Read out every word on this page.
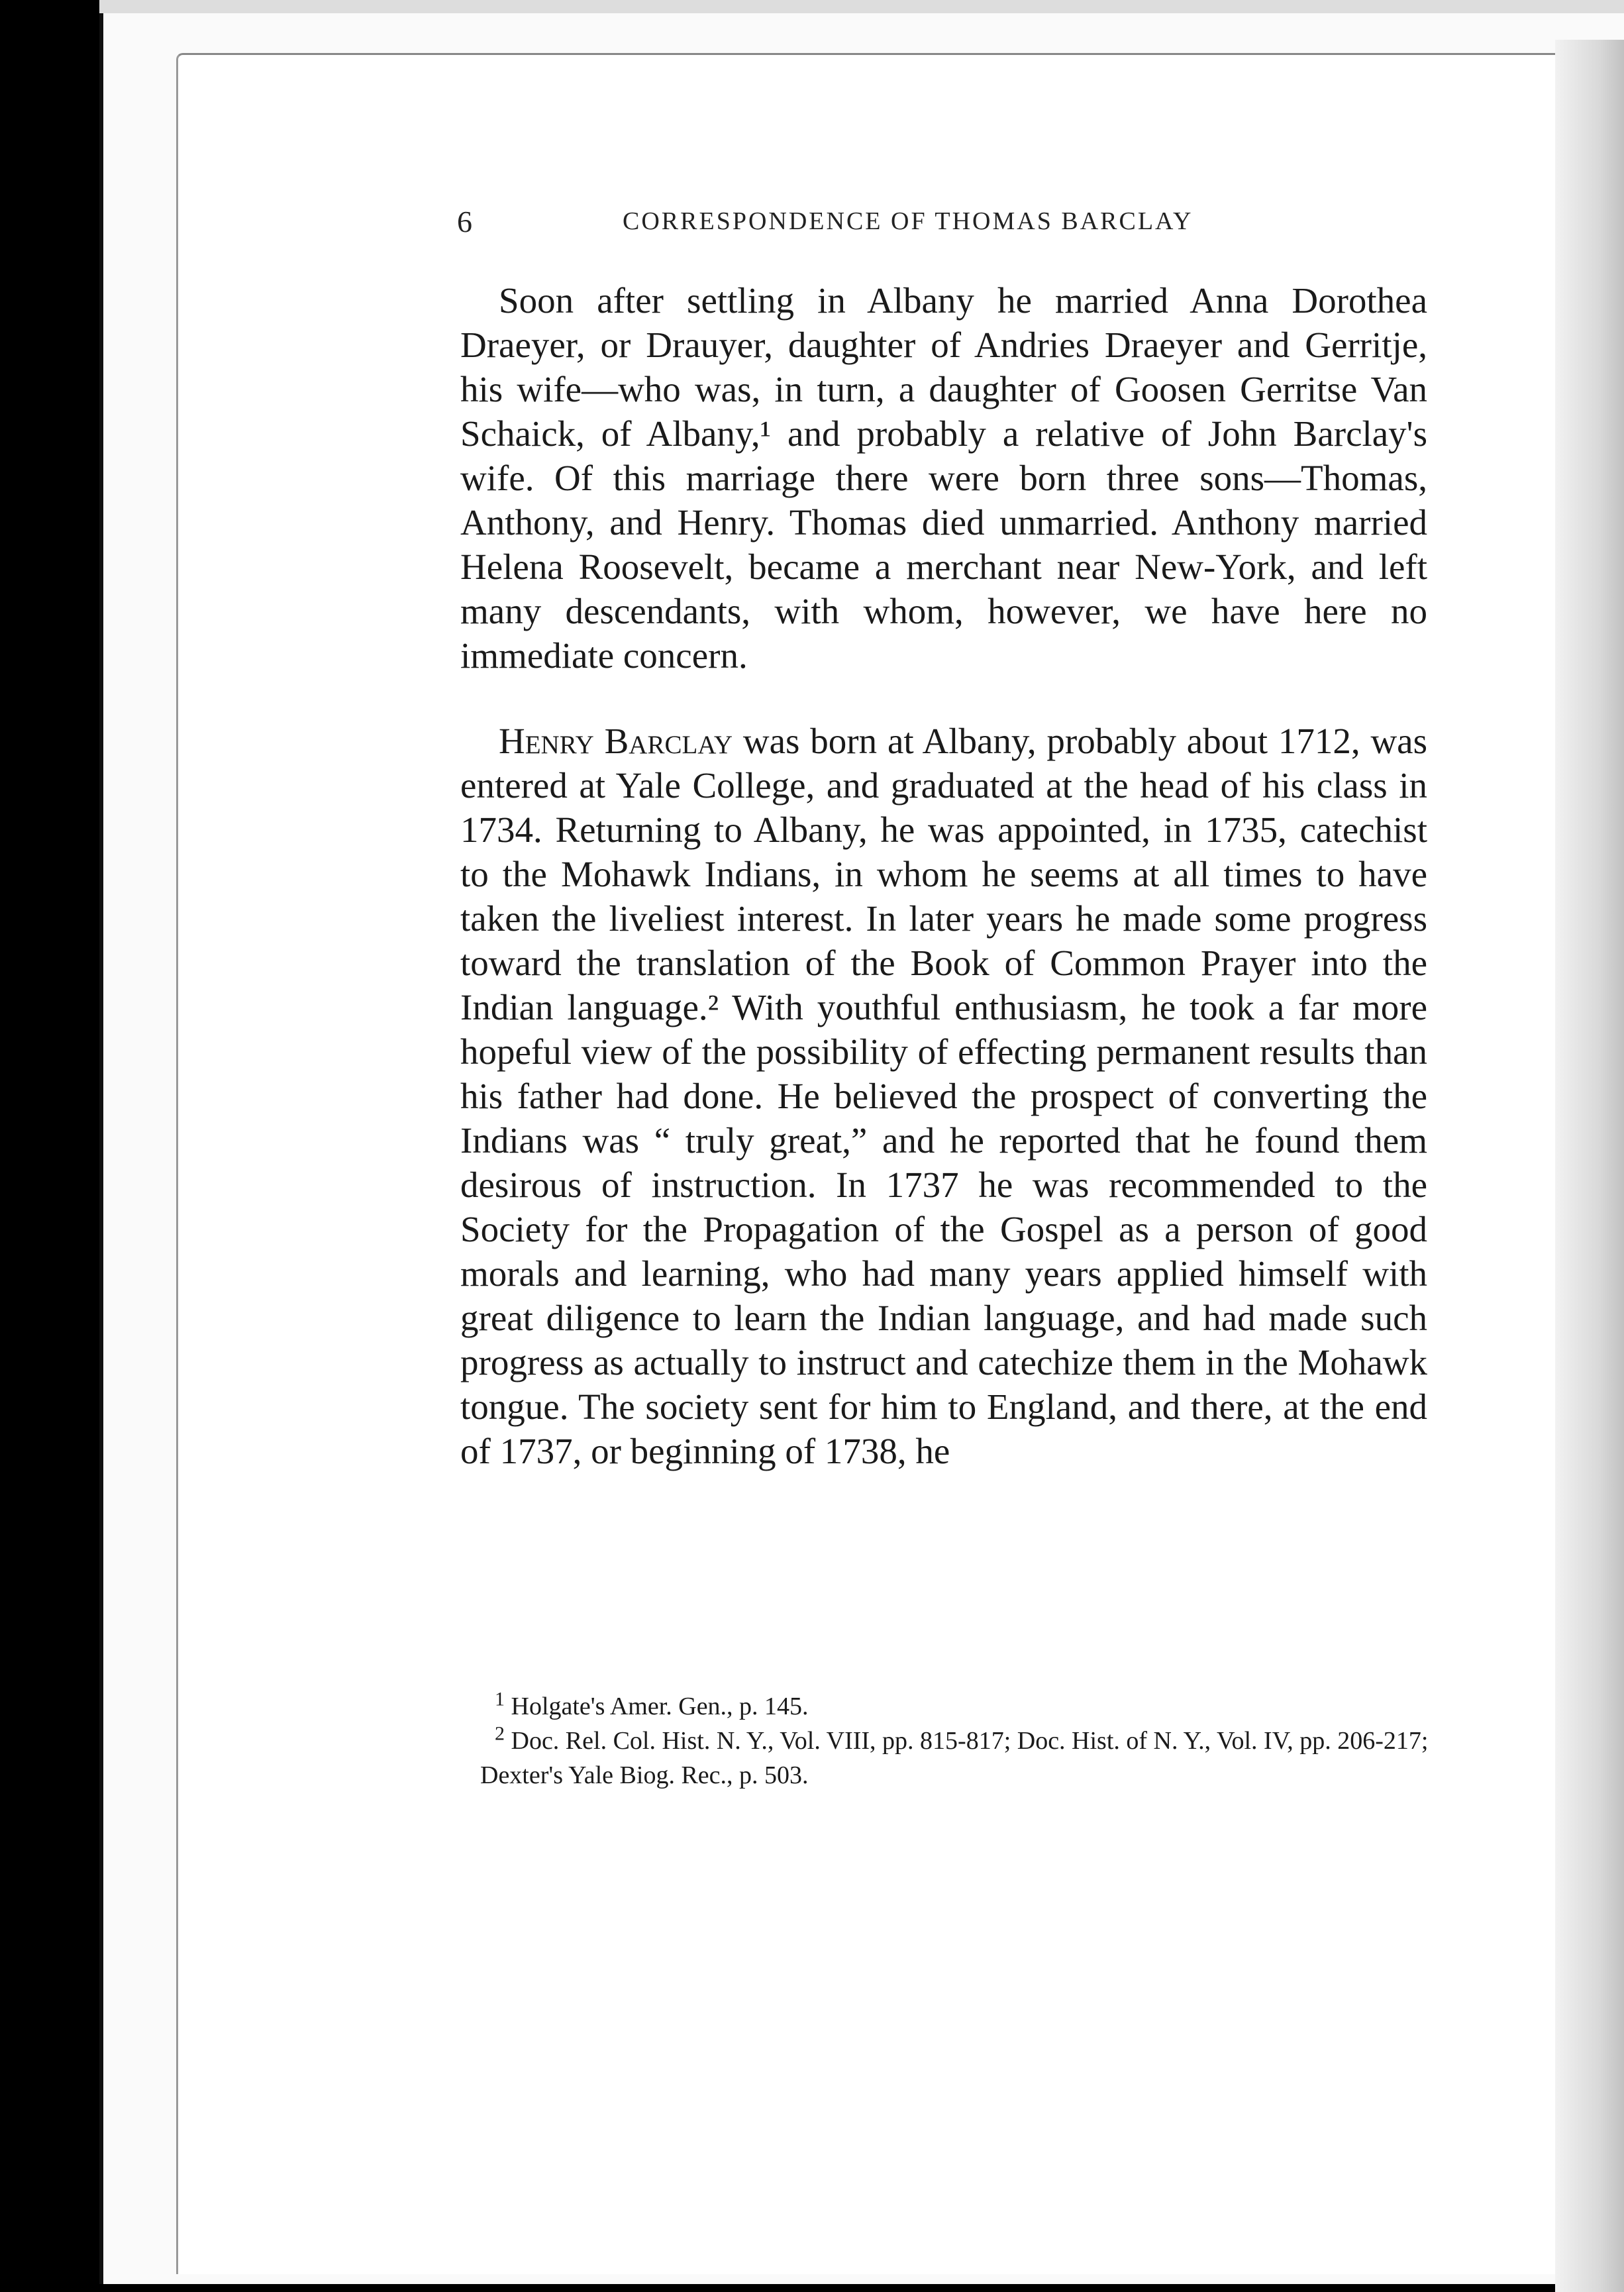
6	CORRESPONDENCE OF THOMAS BARCLAY

Soon after settling in Albany he married Anna Dorothea Draeyer, or Drauyer, daughter of Andries Draeyer and Gerritje, his wife—who was, in turn, a daughter of Goosen Gerritse Van Schaick, of Albany,¹ and probably a relative of John Barclay's wife. Of this marriage there were born three sons—Thomas, Anthony, and Henry. Thomas died unmarried. Anthony married Helena Roosevelt, became a merchant near New-York, and left many descendants, with whom, however, we have here no immediate concern.

Henry Barclay was born at Albany, probably about 1712, was entered at Yale College, and graduated at the head of his class in 1734. Returning to Albany, he was appointed, in 1735, catechist to the Mohawk Indians, in whom he seems at all times to have taken the liveliest interest. In later years he made some progress toward the translation of the Book of Common Prayer into the Indian language.² With youthful enthusiasm, he took a far more hopeful view of the possibility of effecting permanent results than his father had done. He believed the prospect of converting the Indians was “ truly great,” and he reported that he found them desirous of instruction. In 1737 he was recommended to the Society for the Propagation of the Gospel as a person of good morals and learning, who had many years applied himself with great diligence to learn the Indian language, and had made such progress as actually to instruct and catechize them in the Mohawk tongue. The society sent for him to England, and there, at the end of 1737, or beginning of 1738, he

$^1$ Holgate's Amer. Gen., p. 145.

$^2$ Doc. Rel. Col. Hist. N. Y., Vol. VIII, pp. 815-817; Doc. Hist. of N. Y., Vol. IV, pp. 206-217; Dexter's Yale Biog. Rec., p. 503.
